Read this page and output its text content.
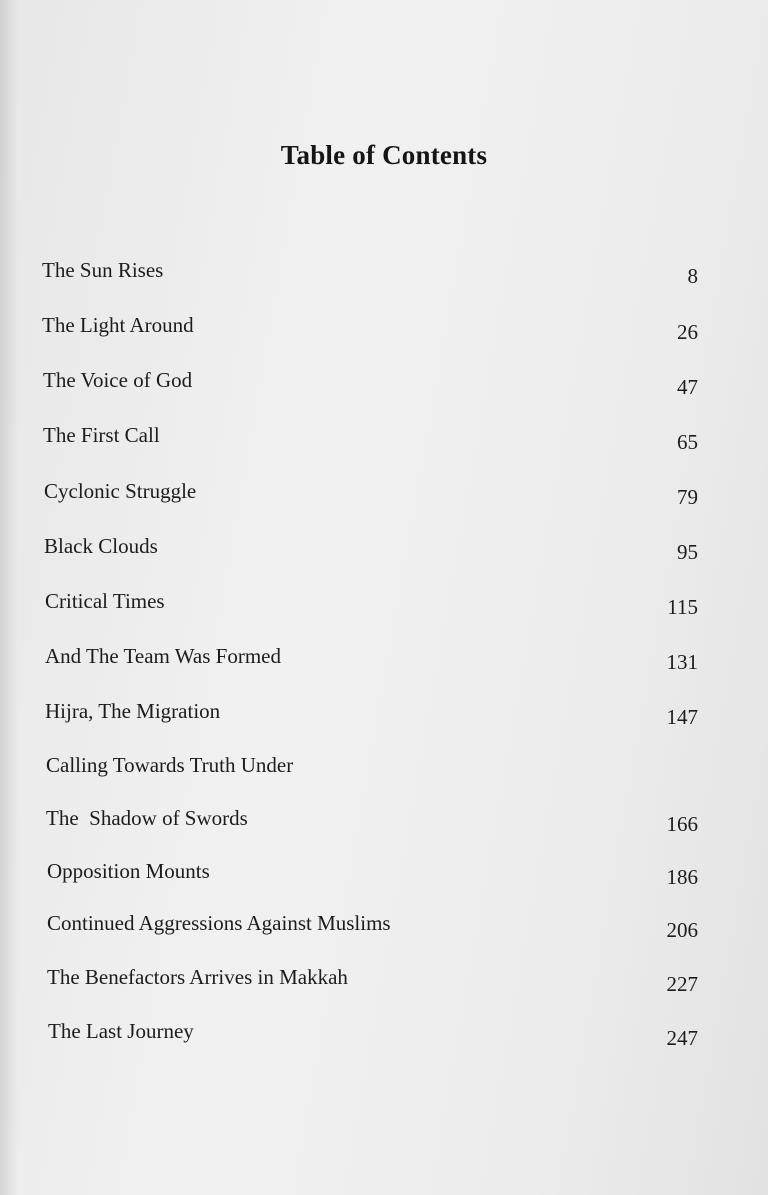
Table of Contents
The Sun Rises	8
The Light Around	26
The Voice of God	47
The First Call	65
Cyclonic Struggle	79
Black Clouds	95
Critical Times	115
And The Team Was Formed	131
Hijra, The Migration	147
Calling Towards Truth Under
The  Shadow of Swords	166
Opposition Mounts	186
Continued Aggressions Against Muslims	206
The Benefactors Arrives in Makkah	227
The Last Journey	247
